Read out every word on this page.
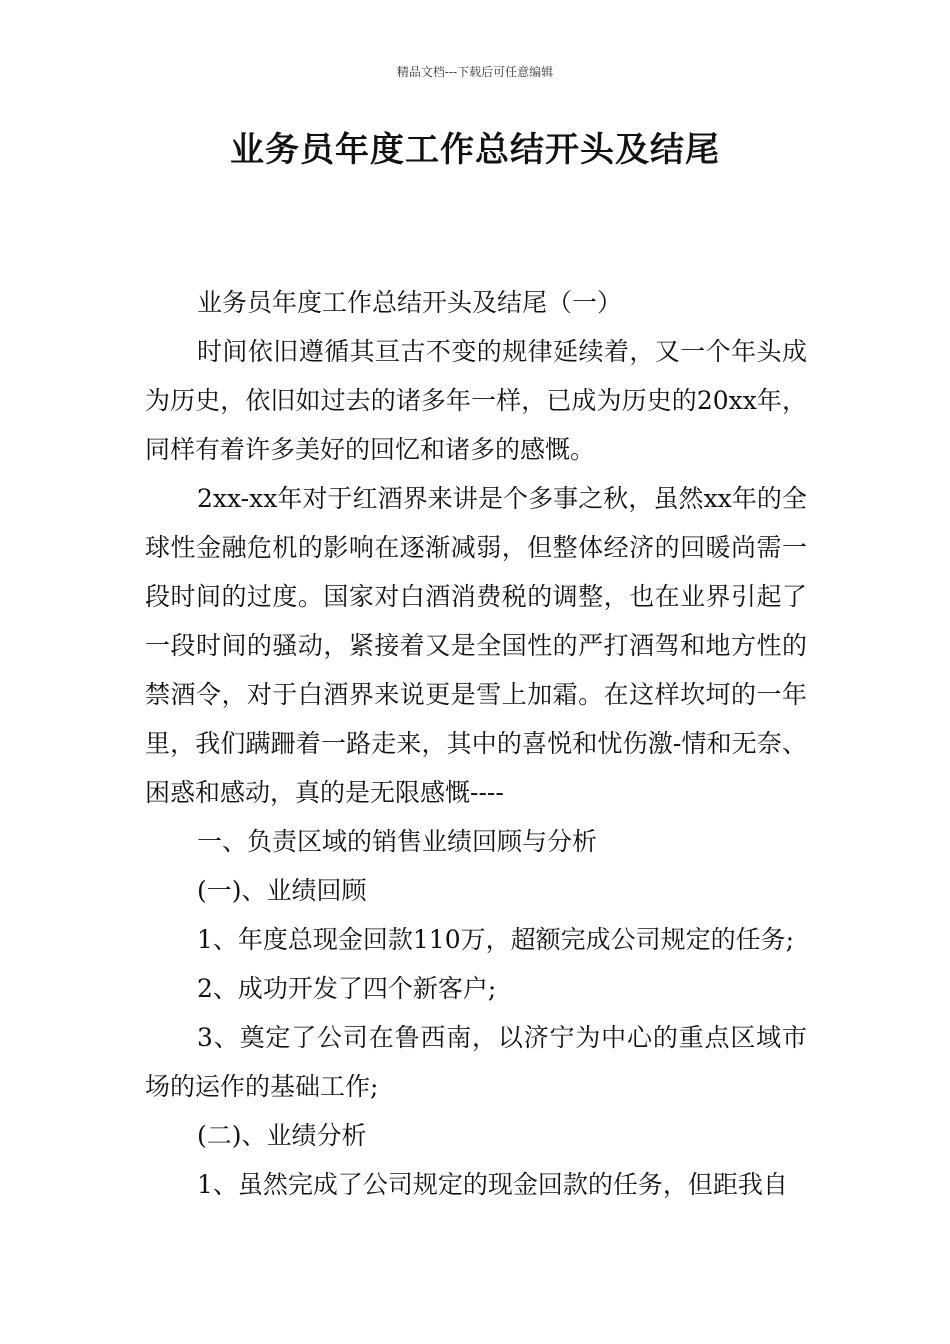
精品文档---下载后可任意编辑
业务员年度工作总结开头及结尾

业务员年度工作总结开头及结尾（一）

时间依旧遵循其亘古不变的规律延续着，又一个年头成为历史，依旧如过去的诸多年一样，已成为历史的20xx年，同样有着许多美好的回忆和诸多的感慨。

2xx-xx年对于红酒界来讲是个多事之秋，虽然xx年的全球性金融危机的影响在逐渐减弱，但整体经济的回暖尚需一段时间的过度。国家对白酒消费税的调整，也在业界引起了一段时间的骚动，紧接着又是全国性的严打酒驾和地方性的禁酒令，对于白酒界来说更是雪上加霜。在这样坎坷的一年里，我们蹒跚着一路走来，其中的喜悦和忧伤激-情和无奈、困惑和感动，真的是无限感慨----

一、负责区域的销售业绩回顾与分析

(一)、业绩回顾

1、年度总现金回款110万，超额完成公司规定的任务;

2、成功开发了四个新客户;

3、奠定了公司在鲁西南，以济宁为中心的重点区域市场的运作的基础工作;

(二)、业绩分析

1、虽然完成了公司规定的现金回款的任务，但距我自
